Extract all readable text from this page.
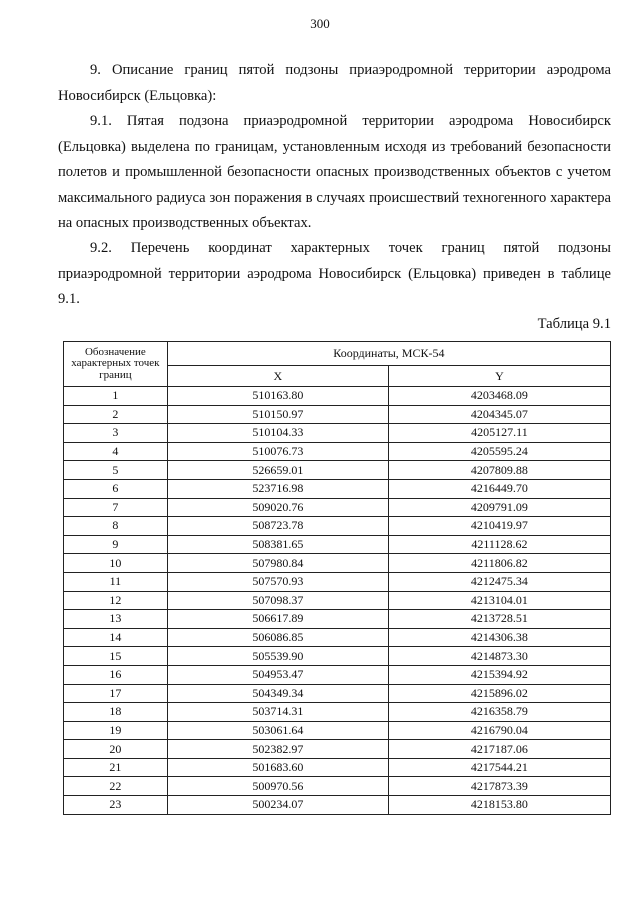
300

9. Описание границ пятой подзоны приаэродромной территории аэродрома Новосибирск (Ельцовка):

9.1. Пятая подзона приаэродромной территории аэродрома Новосибирск (Ельцовка) выделена по границам, установленным исходя из требований безопасности полетов и промышленной безопасности опасных производственных объектов с учетом максимального радиуса зон поражения в случаях происшествий техногенного характера на опасных производственных объектах.

9.2. Перечень координат характерных точек границ пятой подзоны приаэродромной территории аэродрома Новосибирск (Ельцовка) приведен в таблице 9.1.

Таблица 9.1
Обозначение характерных точек границ	Координаты, МСК-54	
	X	Y
1	510163.80	4203468.09
2	510150.97	4204345.07
3	510104.33	4205127.11
4	510076.73	4205595.24
5	526659.01	4207809.88
6	523716.98	4216449.70
7	509020.76	4209791.09
8	508723.78	4210419.97
9	508381.65	4211128.62
10	507980.84	4211806.82
11	507570.93	4212475.34
12	507098.37	4213104.01
13	506617.89	4213728.51
14	506086.85	4214306.38
15	505539.90	4214873.30
16	504953.47	4215394.92
17	504349.34	4215896.02
18	503714.31	4216358.79
19	503061.64	4216790.04
20	502382.97	4217187.06
21	501683.60	4217544.21
22	500970.56	4217873.39
23	500234.07	4218153.80
